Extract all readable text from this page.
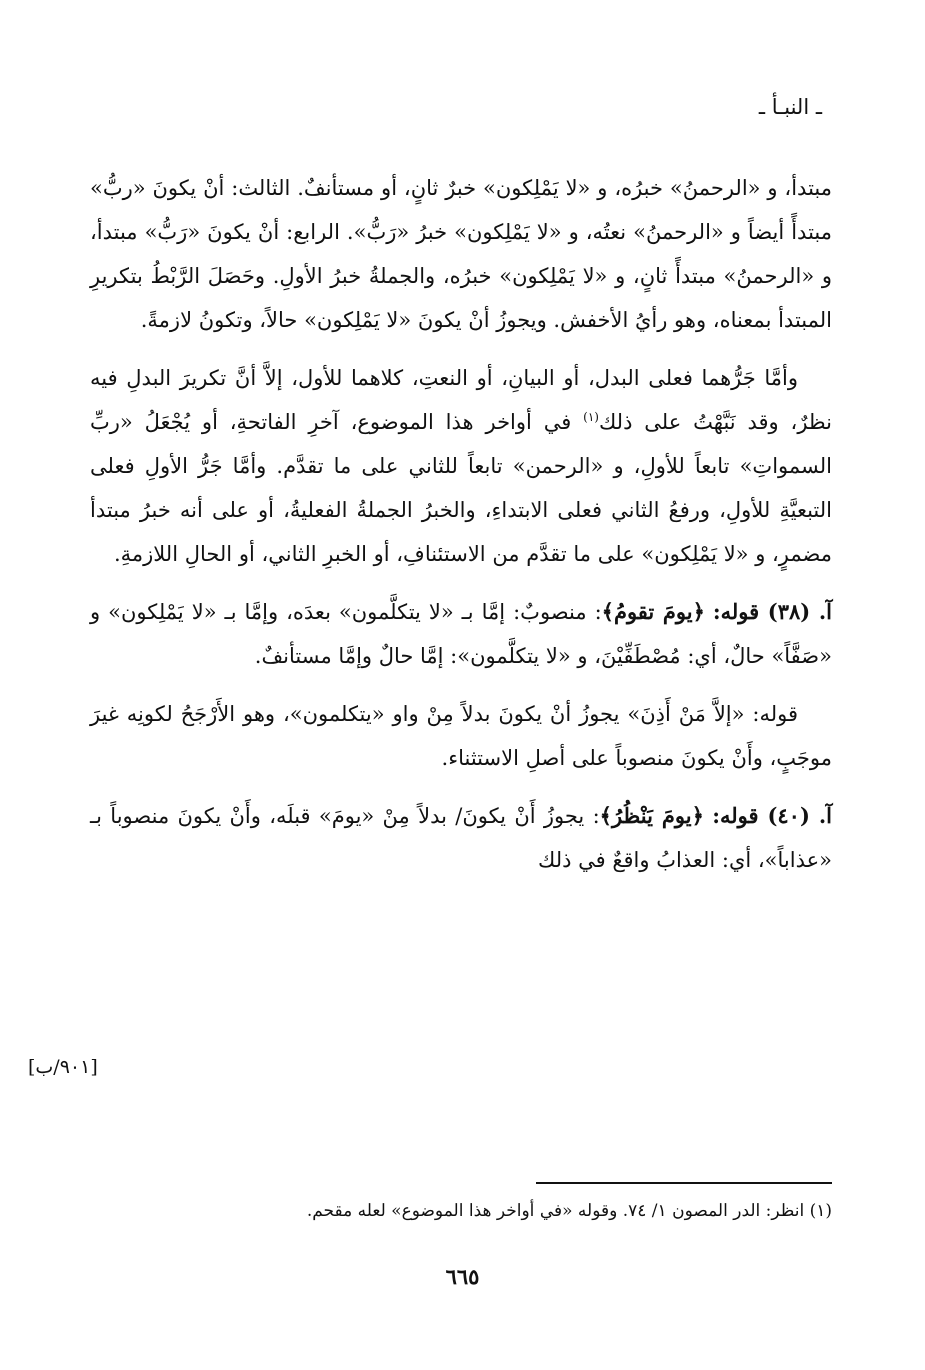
ـ النبـأ ـ

مبتدأ، و «الرحمنُ» خبرُه، و «لا يَمْلِكون» خبرٌ ثانٍ، أو مستأنفٌ. الثالث: أنْ يكونَ «ربُّ» مبتدأً أيضاً و «الرحمنُ» نعتُه، و «لا يَمْلِكون» خبرُ «رَبُّ». الرابع: أنْ يكونَ «رَبُّ» مبتدأ، و «الرحمنُ» مبتدأً ثانٍ، و «لا يَمْلِكون» خبرُه، والجملةُ خبرُ الأولِ. وحَصَلَ الرَّبْطُ بتكريرِ المبتدأ بمعناه، وهو رأيُ الأخفش. ويجوزُ أنْ يكونَ «لا يَمْلِكون» حالاً، وتكونُ لازمةً.

وأمَّا جَرُّهما فعلى البدل، أو البيانِ، أو النعتِ، كلاهما للأول، إلاَّ أنَّ تكريرَ البدلِ فيه نظرٌ، وقد نَبَّهْتُ على ذلك$^{(١)}$ في أواخر هذا الموضوع، آخرِ الفاتحةِ، أو يُجْعَلُ «ربِّ السمواتِ» تابعاً للأولِ، و «الرحمن» تابعاً للثاني على ما تقدَّم. وأمَّا جَرُّ الأولِ فعلى التبعيَّةِ للأولِ، ورفعُ الثاني فعلى الابتداءِ، والخبرُ الجملةُ الفعليةُ، أو على أنه خبرُ مبتدأ مضمرٍ، و «لا يَمْلِكون» على ما تقدَّم من الاستئنافِ، أو الخبرِ الثاني، أو الحالِ اللازمةِ.

آ. (٣٨) قوله: ﴿يومَ تقومُ﴾: منصوبٌ: إمَّا بـ «لا يتكلَّمون» بعدَه، وإمَّا بـ «لا يَمْلِكون» و «صَفَّاً» حالٌ، أي: مُصْطَفِّيْنَ، و «لا يتكلَّمون»: إمَّا حالٌ وإمَّا مستأنفٌ.

قوله: «إلاَّ مَنْ أَذِنَ» يجوزُ أنْ يكونَ بدلاً مِنْ واو «يتكلمون»، وهو الأَرْجَحُ لكونِه غيرَ موجَبٍ، وأَنْ يكونَ منصوباً على أصلِ الاستثناء.

آ. (٤٠) قوله: ﴿يومَ يَنْظُرُ﴾: يجوزُ أَنْ يكونَ/ بدلاً مِنْ «يومَ» قبلَه، وأَنْ يكونَ منصوباً بـ «عذاباً»، أي: العذابُ واقعٌ في ذلك

[٩٠١/ب]
(١) انظر: الدر المصون ١/ ٧٤. وقوله «في أواخر هذا الموضوع» لعله مقحم.
٦٦٥
